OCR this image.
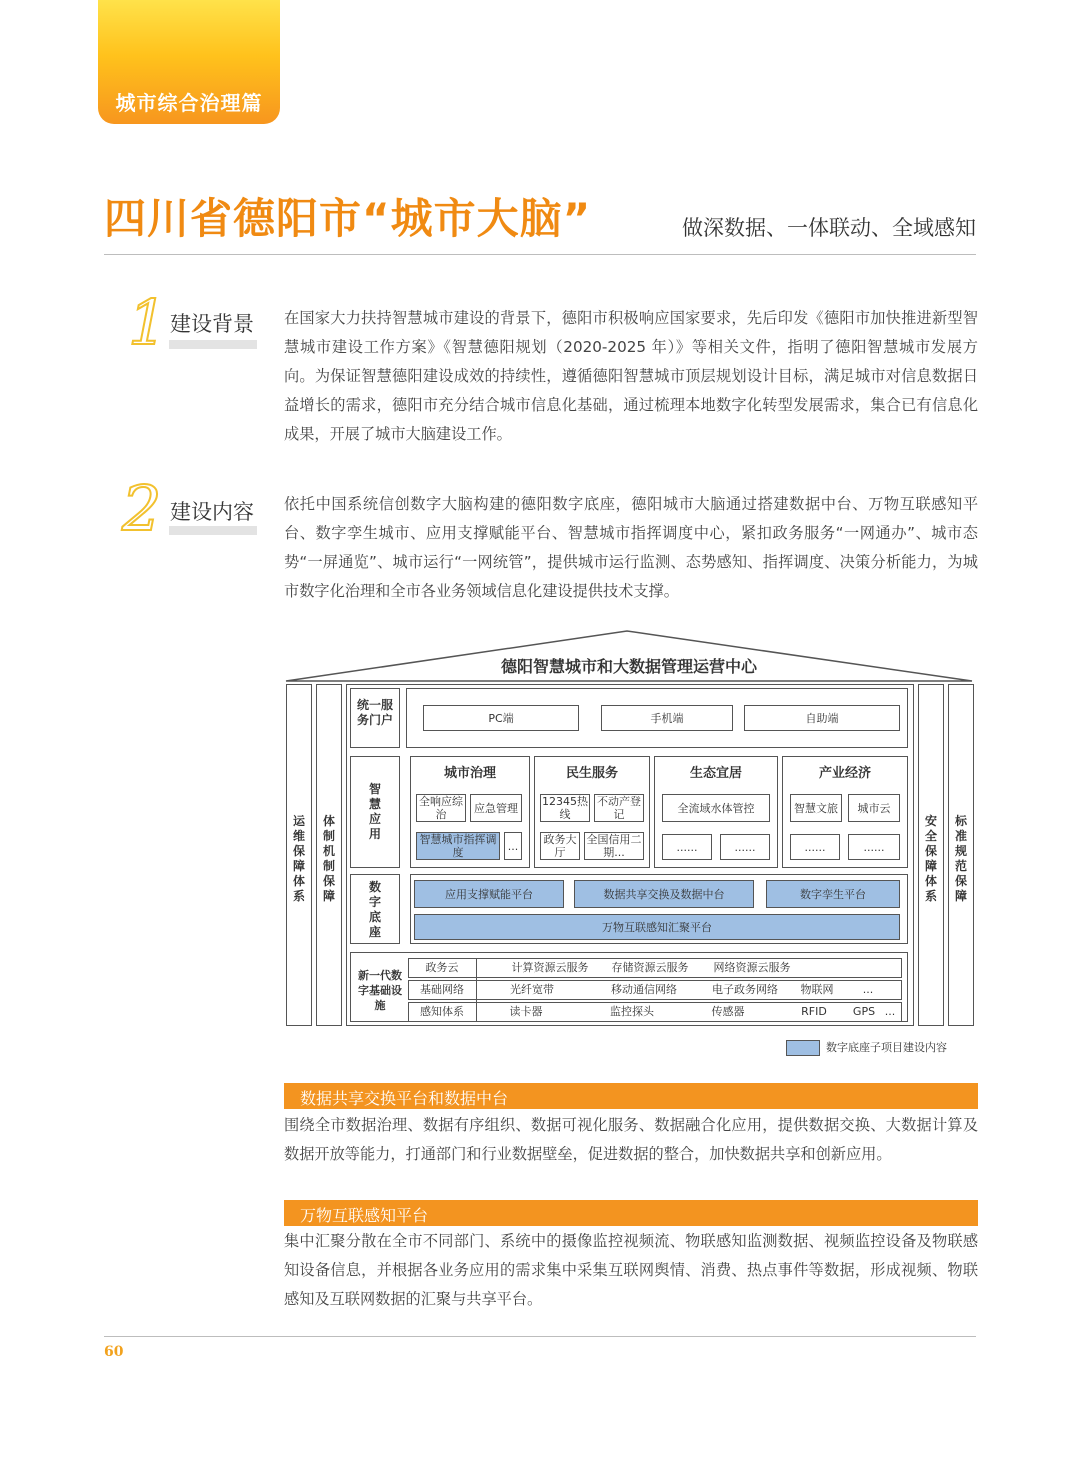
城市综合治理篇
四川省德阳市“城市大脑”	做深数据、一体联动、全域感知
1 建设背景 在国家大力扶持智慧城市建设的背景下，德阳市积极响应国家要求，先后印发《德阳市加快推进新型智慧城市建设工作方案》《智慧德阳规划（2020-2025 年）》等相关文件，指明了德阳智慧城市发展方向。为保证智慧德阳建设成效的持续性，遵循德阳智慧城市顶层规划设计目标，满足城市对信息数据日益增长的需求，德阳市充分结合城市信息化基础，通过梳理本地数字化转型发展需求，集合已有信息化成果，开展了城市大脑建设工作。
2 建设内容 依托中国系统信创数字大脑构建的德阳数字底座，德阳城市大脑通过搭建数据中台、万物互联感知平台、数字孪生城市、应用支撑赋能平台、智慧城市指挥调度中心，紧扣政务服务“一网通办”、城市态势“一屏通览”、城市运行“一网统管”，提供城市运行监测、态势感知、指挥调度、决策分析能力，为城市数字化治理和全市各业务领域信息化建设提供技术支撑。
德阳智慧城市和大数据管理运营中心
运维保障体系
体制机制保障
安全保障体系
标准规范保障
统一服务门户	PC端	手机端	自助端
智慧应用
城市治理
全响应综治	应急管理
智慧城市指挥调度	...
民生服务
12345热线
不动产登记
政务大厅
全国信用二期...
生态宜居
全流域水体管控
......	......
产业经济
智慧文旅	城市云
......	......
数字底座
应用支撑赋能平台	数据共享交换及数据中台	数字孪生平台
万物互联感知汇聚平台
新一代数字基础设施
政务云	计算资源云服务	存储资源云服务	网络资源云服务
基础网络	光纤宽带	移动通信网络	电子政务网络	物联网	...
感知体系	读卡器	监控探头	传感器	RFID	GPS ...
数字底座子项目建设内容
数据共享交换平台和数据中台
围绕全市数据治理、数据有序组织、数据可视化服务、数据融合化应用，提供数据交换、大数据计算及数据开放等能力，打通部门和行业数据壁垒，促进数据的整合，加快数据共享和创新应用。
万物互联感知平台
集中汇聚分散在全市不同部门、系统中的摄像监控视频流、物联感知监测数据、视频监控设备及物联感知设备信息，并根据各业务应用的需求集中采集互联网舆情、消费、热点事件等数据，形成视频、物联感知及互联网数据的汇聚与共享平台。
60
